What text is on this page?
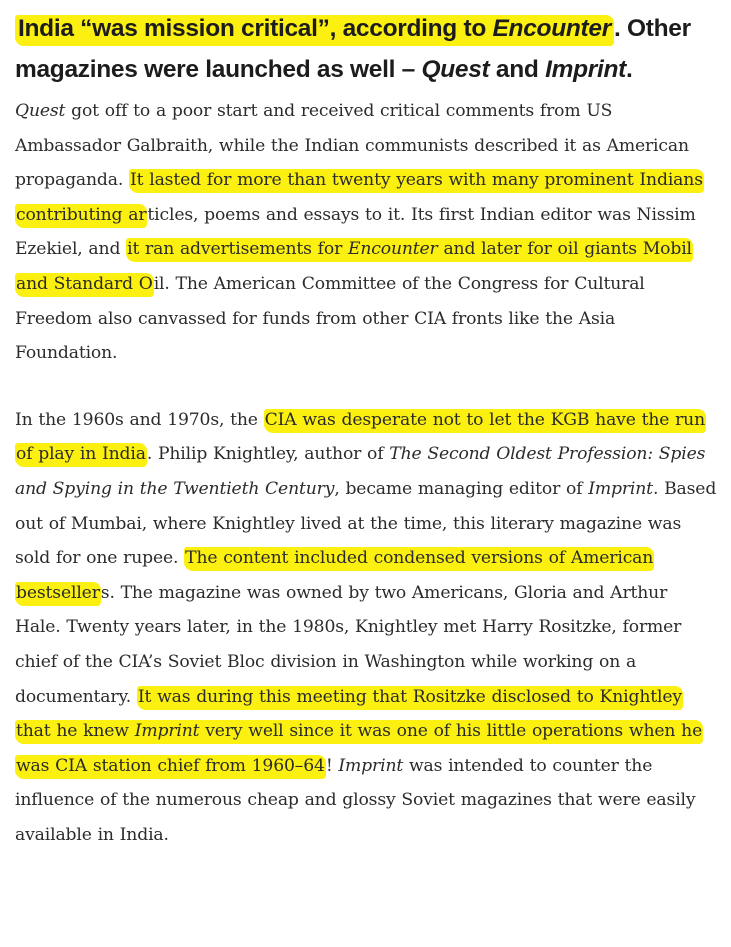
India “was mission critical”, according to Encounter . Other magazines were launched as well – Quest and Imprint.

Quest got off to a poor start and received critical comments from US Ambassador Galbraith, while the Indian communists described it as American propaganda. It lasted for more than twenty years with many prominent Indians contributing articles, poems and essays to it. Its first Indian editor was Nissim Ezekiel, and it ran advertisements for Encounter and later for oil giants Mobil and Standard Oil. The American Committee of the Congress for Cultural Freedom also canvassed for funds from other CIA fronts like the Asia Foundation.

In the 1960s and 1970s, the CIA was desperate not to let the KGB have the run of play in India. Philip Knightley, author of The Second Oldest Profession: Spies and Spying in the Twentieth Century, became managing editor of Imprint. Based out of Mumbai, where Knightley lived at the time, this literary magazine was sold for one rupee. The content included condensed versions of American bestsellers. The magazine was owned by two Americans, Gloria and Arthur Hale. Twenty years later, in the 1980s, Knightley met Harry Rositzke, former chief of the CIA’s Soviet Bloc division in Washington while working on a documentary. It was during this meeting that Rositzke disclosed to Knightley that he knew Imprint very well since it was one of his little operations when he was CIA station chief from 1960–64! Imprint was intended to counter the influence of the numerous cheap and glossy Soviet magazines that were easily available in India.
